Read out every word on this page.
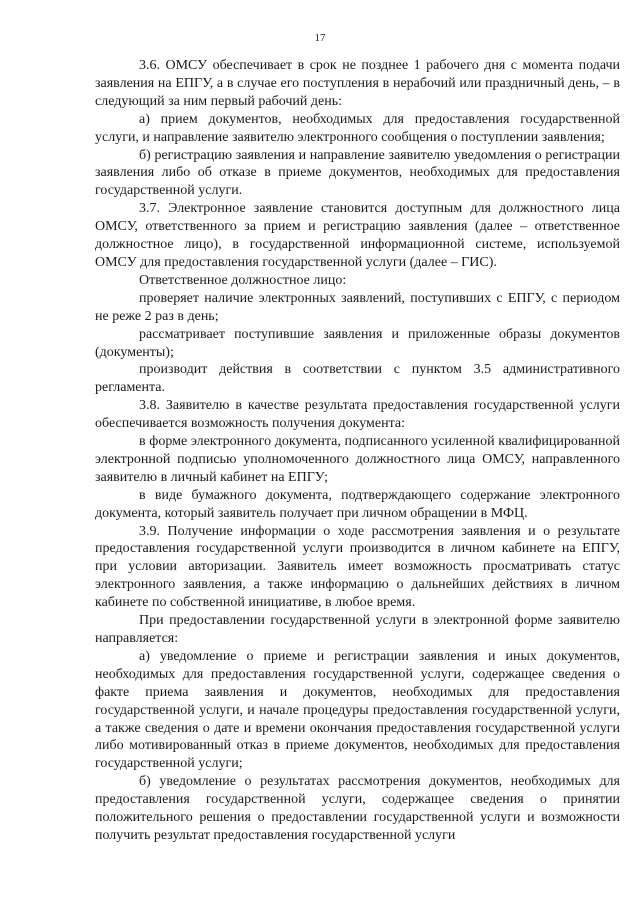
17

3.6. ОМСУ обеспечивает в срок не позднее 1 рабочего дня с момента подачи заявления на ЕПГУ, а в случае его поступления в нерабочий или праздничный день, – в следующий за ним первый рабочий день:

а) прием документов, необходимых для предоставления государственной услуги, и направление заявителю электронного сообщения о поступлении заявления;

б) регистрацию заявления и направление заявителю уведомления о регистрации заявления либо об отказе в приеме документов, необходимых для предоставления государственной услуги.

3.7. Электронное заявление становится доступным для должностного лица ОМСУ, ответственного за прием и регистрацию заявления (далее – ответственное должностное лицо), в государственной информационной системе, используемой ОМСУ для предоставления государственной услуги (далее – ГИС).

Ответственное должностное лицо:

проверяет наличие электронных заявлений, поступивших с ЕПГУ, с периодом не реже 2 раз в день;

рассматривает поступившие заявления и приложенные образы документов (документы);

производит действия в соответствии с пунктом 3.5 административного регламента.

3.8. Заявителю в качестве результата предоставления государственной услуги обеспечивается возможность получения документа:

в форме электронного документа, подписанного усиленной квалифицированной электронной подписью уполномоченного должностного лица ОМСУ, направленного заявителю в личный кабинет на ЕПГУ;

в виде бумажного документа, подтверждающего содержание электронного документа, который заявитель получает при личном обращении в МФЦ.

3.9. Получение информации о ходе рассмотрения заявления и о результате предоставления государственной услуги производится в личном кабинете на ЕПГУ, при условии авторизации. Заявитель имеет возможность просматривать статус электронного заявления, а также информацию о дальнейших действиях в личном кабинете по собственной инициативе, в любое время.

При предоставлении государственной услуги в электронной форме заявителю направляется:

а) уведомление о приеме и регистрации заявления и иных документов, необходимых для предоставления государственной услуги, содержащее сведения о факте приема заявления и документов, необходимых для предоставления государственной услуги, и начале процедуры предоставления государственной услуги, а также сведения о дате и времени окончания предоставления государственной услуги либо мотивированный отказ в приеме документов, необходимых для предоставления государственной услуги;

б) уведомление о результатах рассмотрения документов, необходимых для предоставления государственной услуги, содержащее сведения о принятии положительного решения о предоставлении государственной услуги и возможности получить результат предоставления государственной услуги
